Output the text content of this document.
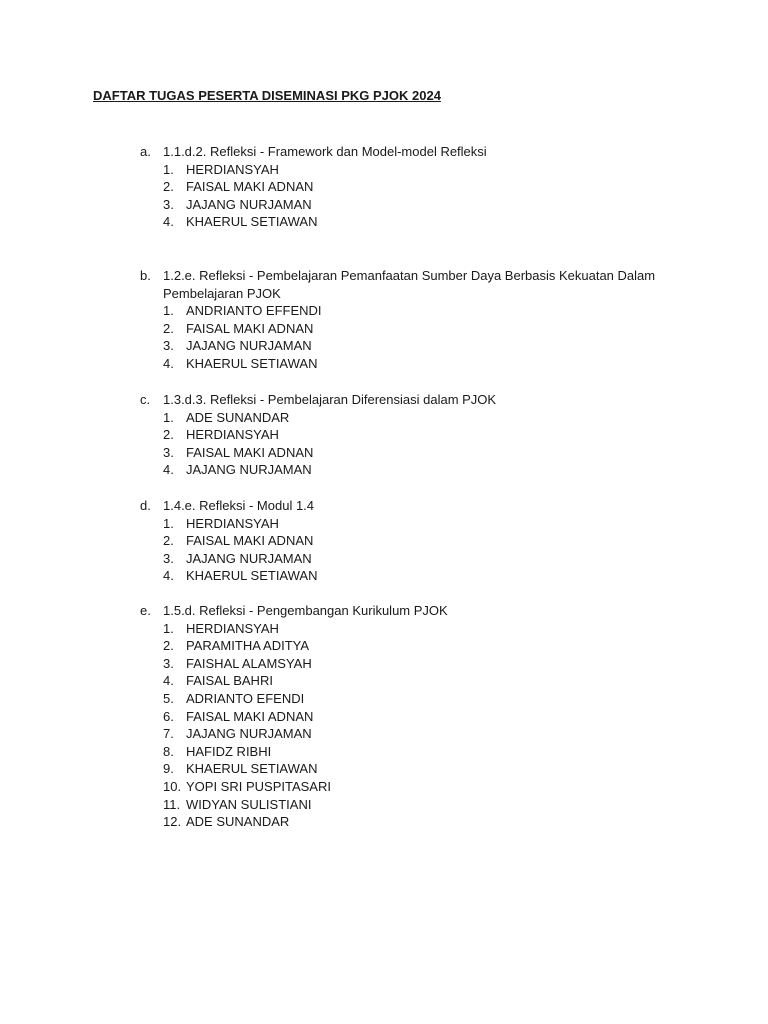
DAFTAR TUGAS PESERTA DISEMINASI PKG PJOK 2024
a. 1.1.d.2. Refleksi - Framework dan Model-model Refleksi
1. HERDIANSYAH
2. FAISAL MAKI ADNAN
3. JAJANG NURJAMAN
4. KHAERUL SETIAWAN
b. 1.2.e. Refleksi - Pembelajaran Pemanfaatan Sumber Daya Berbasis Kekuatan Dalam Pembelajaran PJOK
1. ANDRIANTO EFFENDI
2. FAISAL MAKI ADNAN
3. JAJANG NURJAMAN
4. KHAERUL SETIAWAN
c. 1.3.d.3. Refleksi - Pembelajaran Diferensiasi dalam PJOK
1. ADE SUNANDAR
2. HERDIANSYAH
3. FAISAL MAKI ADNAN
4. JAJANG NURJAMAN
d. 1.4.e. Refleksi - Modul 1.4
1. HERDIANSYAH
2. FAISAL MAKI ADNAN
3. JAJANG NURJAMAN
4. KHAERUL SETIAWAN
e. 1.5.d. Refleksi - Pengembangan Kurikulum PJOK
1. HERDIANSYAH
2. PARAMITHA ADITYA
3. FAISHAL ALAMSYAH
4. FAISAL BAHRI
5. ADRIANTO EFENDI
6. FAISAL MAKI ADNAN
7. JAJANG NURJAMAN
8. HAFIDZ RIBHI
9. KHAERUL SETIAWAN
10. YOPI SRI PUSPITASARI
11. WIDYAN SULISTIANI
12. ADE SUNANDAR
